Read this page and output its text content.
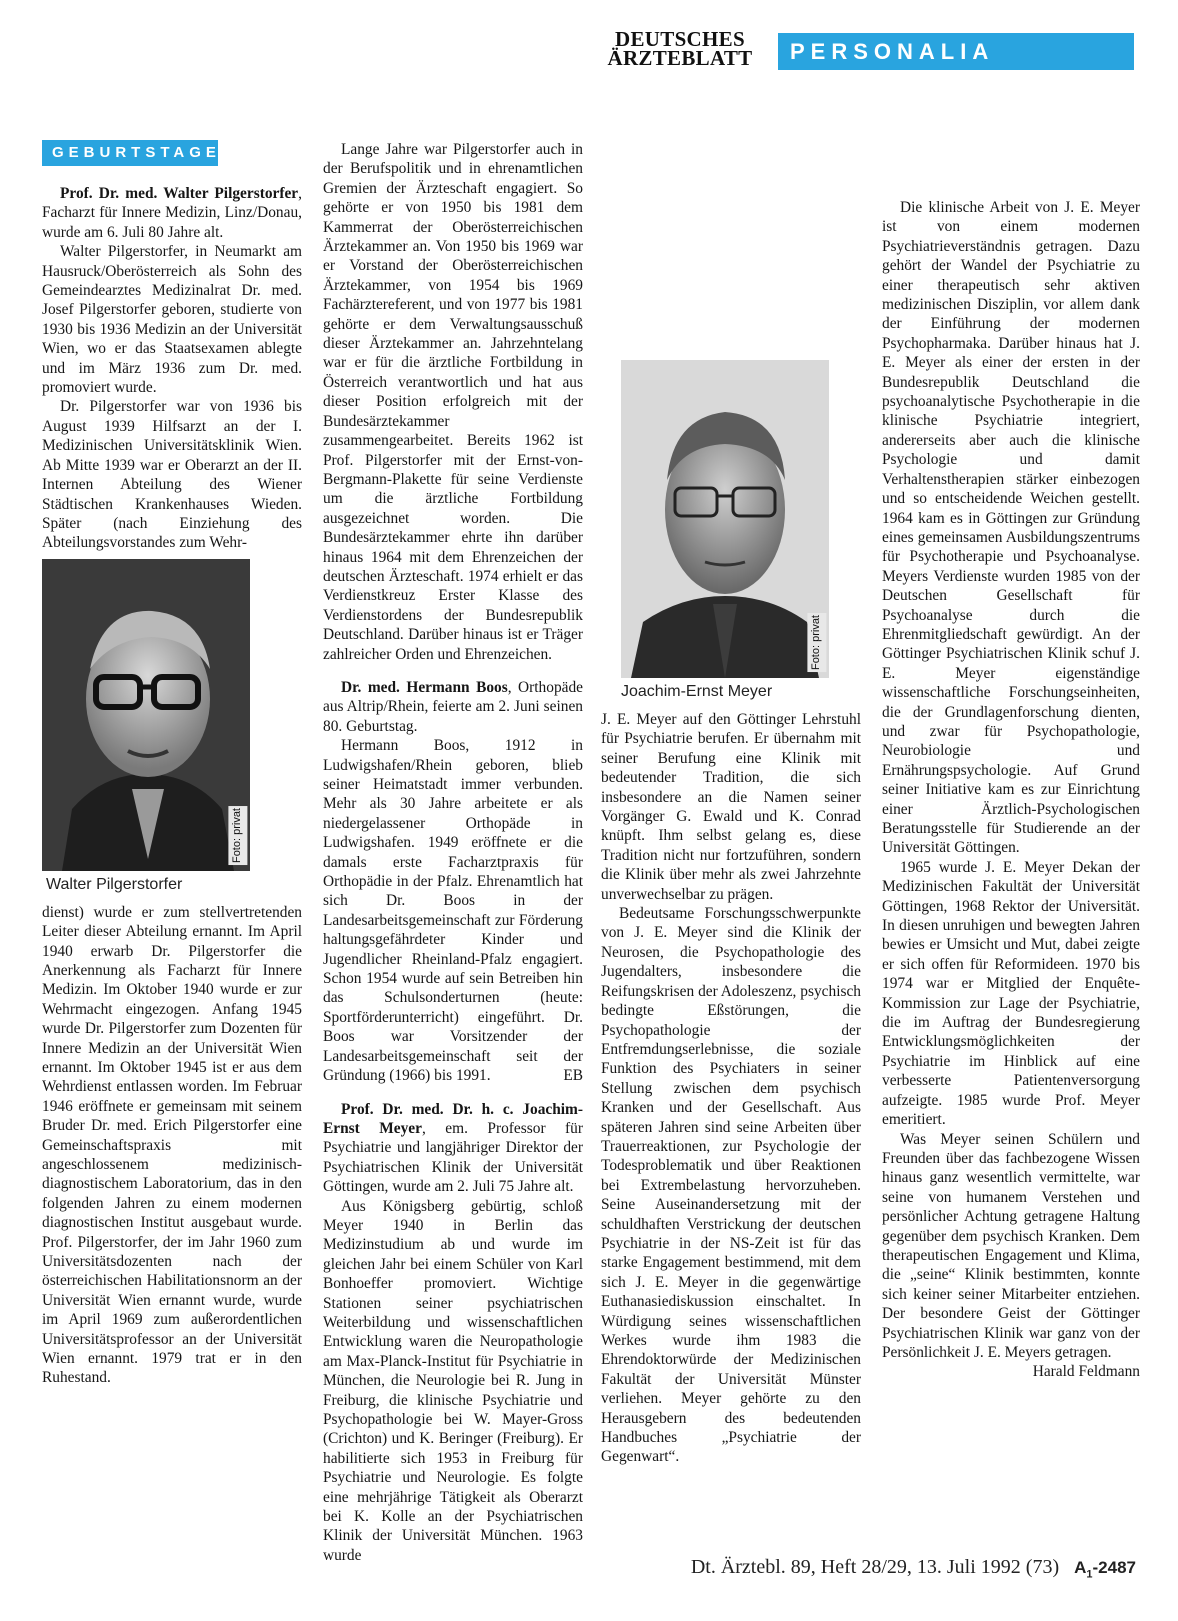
DEUTSCHES
ÄRZTEBLATT	PERSONALIA
GEBURTSTAGE

Prof. Dr. med. Walter Pilgerstorfer, Facharzt für Innere Medizin, Linz/Donau, wurde am 6. Juli 80 Jahre alt.

Walter Pilgerstorfer, in Neumarkt am Hausruck/Oberösterreich als Sohn des Gemeindearztes Medizinalrat Dr. med. Josef Pilgerstorfer geboren, studierte von 1930 bis 1936 Medizin an der Universität Wien, wo er das Staatsexamen ablegte und im März 1936 zum Dr. med. promoviert wurde.

Dr. Pilgerstorfer war von 1936 bis August 1939 Hilfsarzt an der I. Medizinischen Universitätsklinik Wien. Ab Mitte 1939 war er Oberarzt an der II. Internen Abteilung des Wiener Städtischen Krankenhauses Wieden. Später (nach Einziehung des Abteilungsvorstandes zum Wehr-

Foto: privat
Walter Pilgerstorfer

dienst) wurde er zum stellvertretenden Leiter dieser Abteilung ernannt. Im April 1940 erwarb Dr. Pilgerstorfer die Anerkennung als Facharzt für Innere Medizin. Im Oktober 1940 wurde er zur Wehrmacht eingezogen. Anfang 1945 wurde Dr. Pilgerstorfer zum Dozenten für Innere Medizin an der Universität Wien ernannt. Im Oktober 1945 ist er aus dem Wehrdienst entlassen worden. Im Februar 1946 eröffnete er gemeinsam mit seinem Bruder Dr. med. Erich Pilgerstorfer eine Gemeinschaftspraxis mit angeschlossenem medizinisch-diagnostischem Laboratorium, das in den folgenden Jahren zu einem modernen diagnostischen Institut ausgebaut wurde. Prof. Pilgerstorfer, der im Jahr 1960 zum Universitätsdozenten nach der österreichischen Habilitationsnorm an der Universität Wien ernannt wurde, wurde im April 1969 zum außerordentlichen Universitätsprofessor an der Universität Wien ernannt. 1979 trat er in den Ruhestand.

Lange Jahre war Pilgerstorfer auch in der Berufspolitik und in ehrenamtlichen Gremien der Ärzteschaft engagiert. So gehörte er von 1950 bis 1981 dem Kammerrat der Oberösterreichischen Ärztekammer an. Von 1950 bis 1969 war er Vorstand der Oberösterreichischen Ärztekammer, von 1954 bis 1969 Fachärztereferent, und von 1977 bis 1981 gehörte er dem Verwaltungsausschuß dieser Ärztekammer an. Jahrzehntelang war er für die ärztliche Fortbildung in Österreich verantwortlich und hat aus dieser Position erfolgreich mit der Bundesärztekammer zusammengearbeitet. Bereits 1962 ist Prof. Pilgerstorfer mit der Ernst-von-Bergmann-Plakette für seine Verdienste um die ärztliche Fortbildung ausgezeichnet worden. Die Bundesärztekammer ehrte ihn darüber hinaus 1964 mit dem Ehrenzeichen der deutschen Ärzteschaft. 1974 erhielt er das Verdienstkreuz Erster Klasse des Verdienstordens der Bundesrepublik Deutschland. Darüber hinaus ist er Träger zahlreicher Orden und Ehrenzeichen.

Dr. med. Hermann Boos, Orthopäde aus Altrip/Rhein, feierte am 2. Juni seinen 80. Geburtstag.

Hermann Boos, 1912 in Ludwigshafen/Rhein geboren, blieb seiner Heimatstadt immer verbunden. Mehr als 30 Jahre arbeitete er als niedergelassener Orthopäde in Ludwigshafen. 1949 eröffnete er die damals erste Facharztpraxis für Orthopädie in der Pfalz. Ehrenamtlich hat sich Dr. Boos in der Landesarbeitsgemeinschaft zur Förderung haltungsgefährdeter Kinder und Jugendlicher Rheinland-Pfalz engagiert. Schon 1954 wurde auf sein Betreiben hin das Schulsonderturnen (heute: Sportförderunterricht) eingeführt. Dr. Boos war Vorsitzender der Landesarbeitsgemeinschaft seit der Gründung (1966) bis 1991.	EB

Prof. Dr. med. Dr. h. c. Joachim-Ernst Meyer, em. Professor für Psychiatrie und langjähriger Direktor der Psychiatrischen Klinik der Universität Göttingen, wurde am 2. Juli 75 Jahre alt.

Aus Königsberg gebürtig, schloß Meyer 1940 in Berlin das Medizinstudium ab und wurde im gleichen Jahr bei einem Schüler von Karl Bonhoeffer promoviert. Wichtige Stationen seiner psychiatrischen Weiterbildung und wissenschaftlichen Entwicklung waren die Neuropathologie am Max-Planck-Institut für Psychiatrie in München, die Neurologie bei R. Jung in Freiburg, die klinische Psychiatrie und Psychopathologie bei W. Mayer-Gross (Crichton) und K. Beringer (Freiburg). Er habilitierte sich 1953 in Freiburg für Psychiatrie und Neurologie. Es folgte eine mehrjährige Tätigkeit als Oberarzt bei K. Kolle an der Psychiatrischen Klinik der Universität München. 1963 wurde

Foto: privat
Joachim-Ernst Meyer

J. E. Meyer auf den Göttinger Lehrstuhl für Psychiatrie berufen. Er übernahm mit seiner Berufung eine Klinik mit bedeutender Tradition, die sich insbesondere an die Namen seiner Vorgänger G. Ewald und K. Conrad knüpft. Ihm selbst gelang es, diese Tradition nicht nur fortzuführen, sondern die Klinik über mehr als zwei Jahrzehnte unverwechselbar zu prägen.

Bedeutsame Forschungsschwerpunkte von J. E. Meyer sind die Klinik der Neurosen, die Psychopathologie des Jugendalters, insbesondere die Reifungskrisen der Adoleszenz, psychisch bedingte Eßstörungen, die Psychopathologie der Entfremdungserlebnisse, die soziale Funktion des Psychiaters in seiner Stellung zwischen dem psychisch Kranken und der Gesellschaft. Aus späteren Jahren sind seine Arbeiten über Trauerreaktionen, zur Psychologie der Todesproblematik und über Reaktionen bei Extrembelastung hervorzuheben. Seine Auseinandersetzung mit der schuldhaften Verstrickung der deutschen Psychiatrie in der NS-Zeit ist für das starke Engagement bestimmend, mit dem sich J. E. Meyer in die gegenwärtige Euthanasiediskussion einschaltet. In Würdigung seines wissenschaftlichen Werkes wurde ihm 1983 die Ehrendoktorwürde der Medizinischen Fakultät der Universität Münster verliehen. Meyer gehörte zu den Herausgebern des bedeutenden Handbuches „Psychiatrie der Gegenwart“.

Die klinische Arbeit von J. E. Meyer ist von einem modernen Psychiatrieverständnis getragen. Dazu gehört der Wandel der Psychiatrie zu einer therapeutisch sehr aktiven medizinischen Disziplin, vor allem dank der Einführung der modernen Psychopharmaka. Darüber hinaus hat J. E. Meyer als einer der ersten in der Bundesrepublik Deutschland die psychoanalytische Psychotherapie in die klinische Psychiatrie integriert, andererseits aber auch die klinische Psychologie und damit Verhaltenstherapien stärker einbezogen und so entscheidende Weichen gestellt. 1964 kam es in Göttingen zur Gründung eines gemeinsamen Ausbildungszentrums für Psychotherapie und Psychoanalyse. Meyers Verdienste wurden 1985 von der Deutschen Gesellschaft für Psychoanalyse durch die Ehrenmitgliedschaft gewürdigt. An der Göttinger Psychiatrischen Klinik schuf J. E. Meyer eigenständige wissenschaftliche Forschungseinheiten, die der Grundlagenforschung dienten, und zwar für Psychopathologie, Neurobiologie und Ernährungspsychologie. Auf Grund seiner Initiative kam es zur Einrichtung einer Ärztlich-Psychologischen Beratungsstelle für Studierende an der Universität Göttingen.

1965 wurde J. E. Meyer Dekan der Medizinischen Fakultät der Universität Göttingen, 1968 Rektor der Universität. In diesen unruhigen und bewegten Jahren bewies er Umsicht und Mut, dabei zeigte er sich offen für Reformideen. 1970 bis 1974 war er Mitglied der Enquête-Kommission zur Lage der Psychiatrie, die im Auftrag der Bundesregierung Entwicklungsmöglichkeiten der Psychiatrie im Hinblick auf eine verbesserte Patientenversorgung aufzeigte. 1985 wurde Prof. Meyer emeritiert.

Was Meyer seinen Schülern und Freunden über das fachbezogene Wissen hinaus ganz wesentlich vermittelte, war seine von humanem Verstehen und persönlicher Achtung getragene Haltung gegenüber dem psychisch Kranken. Dem therapeutischen Engagement und Klima, die „seine“ Klinik bestimmten, konnte sich keiner seiner Mitarbeiter entziehen. Der besondere Geist der Göttinger Psychiatrischen Klinik war ganz von der Persönlichkeit J. E. Meyers getragen.
Harald Feldmann

Dt. Ärztebl. 89, Heft 28/29, 13. Juli 1992 (73) $A_1-2487$
